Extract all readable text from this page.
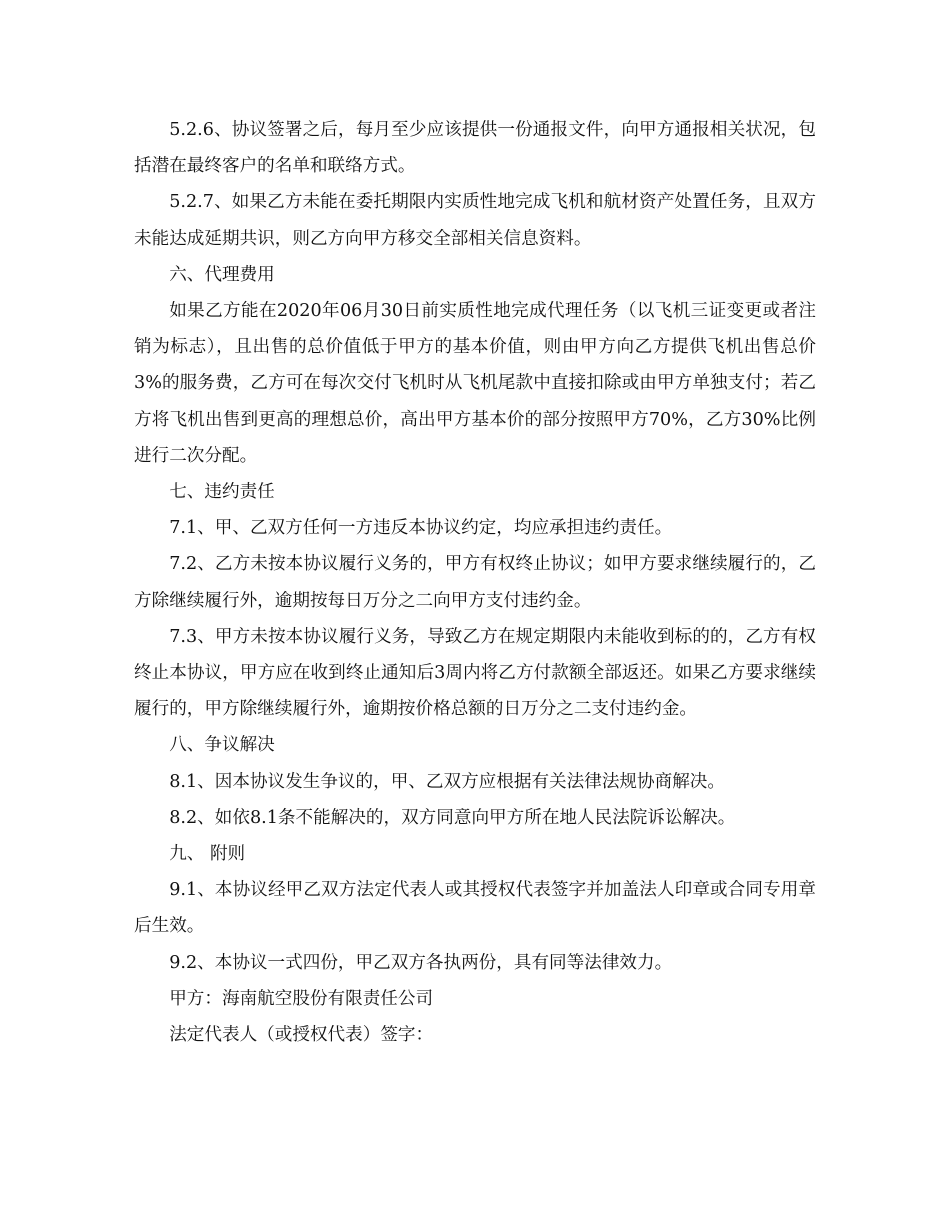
5.2.6、协议签署之后，每月至少应该提供一份通报文件，向甲方通报相关状况，包括潜在最终客户的名单和联络方式。

5.2.7、如果乙方未能在委托期限内实质性地完成飞机和航材资产处置任务，且双方未能达成延期共识，则乙方向甲方移交全部相关信息资料。

六、代理费用

如果乙方能在2020年06月30日前实质性地完成代理任务（以飞机三证变更或者注销为标志），且出售的总价值低于甲方的基本价值，则由甲方向乙方提供飞机出售总价3%的服务费，乙方可在每次交付飞机时从飞机尾款中直接扣除或由甲方单独支付；若乙方将飞机出售到更高的理想总价，高出甲方基本价的部分按照甲方70%，乙方30%比例进行二次分配。

七、违约责任

7.1、甲、乙双方任何一方违反本协议约定，均应承担违约责任。

7.2、乙方未按本协议履行义务的，甲方有权终止协议；如甲方要求继续履行的，乙方除继续履行外，逾期按每日万分之二向甲方支付违约金。

7.3、甲方未按本协议履行义务，导致乙方在规定期限内未能收到标的的，乙方有权终止本协议，甲方应在收到终止通知后3周内将乙方付款额全部返还。如果乙方要求继续履行的，甲方除继续履行外，逾期按价格总额的日万分之二支付违约金。

八、争议解决

8.1、因本协议发生争议的，甲、乙双方应根据有关法律法规协商解决。

8.2、如依8.1条不能解决的，双方同意向甲方所在地人民法院诉讼解决。

九、 附则

9.1、本协议经甲乙双方法定代表人或其授权代表签字并加盖法人印章或合同专用章后生效。

9.2、本协议一式四份，甲乙双方各执两份，具有同等法律效力。

甲方：海南航空股份有限责任公司

法定代表人（或授权代表）签字：
